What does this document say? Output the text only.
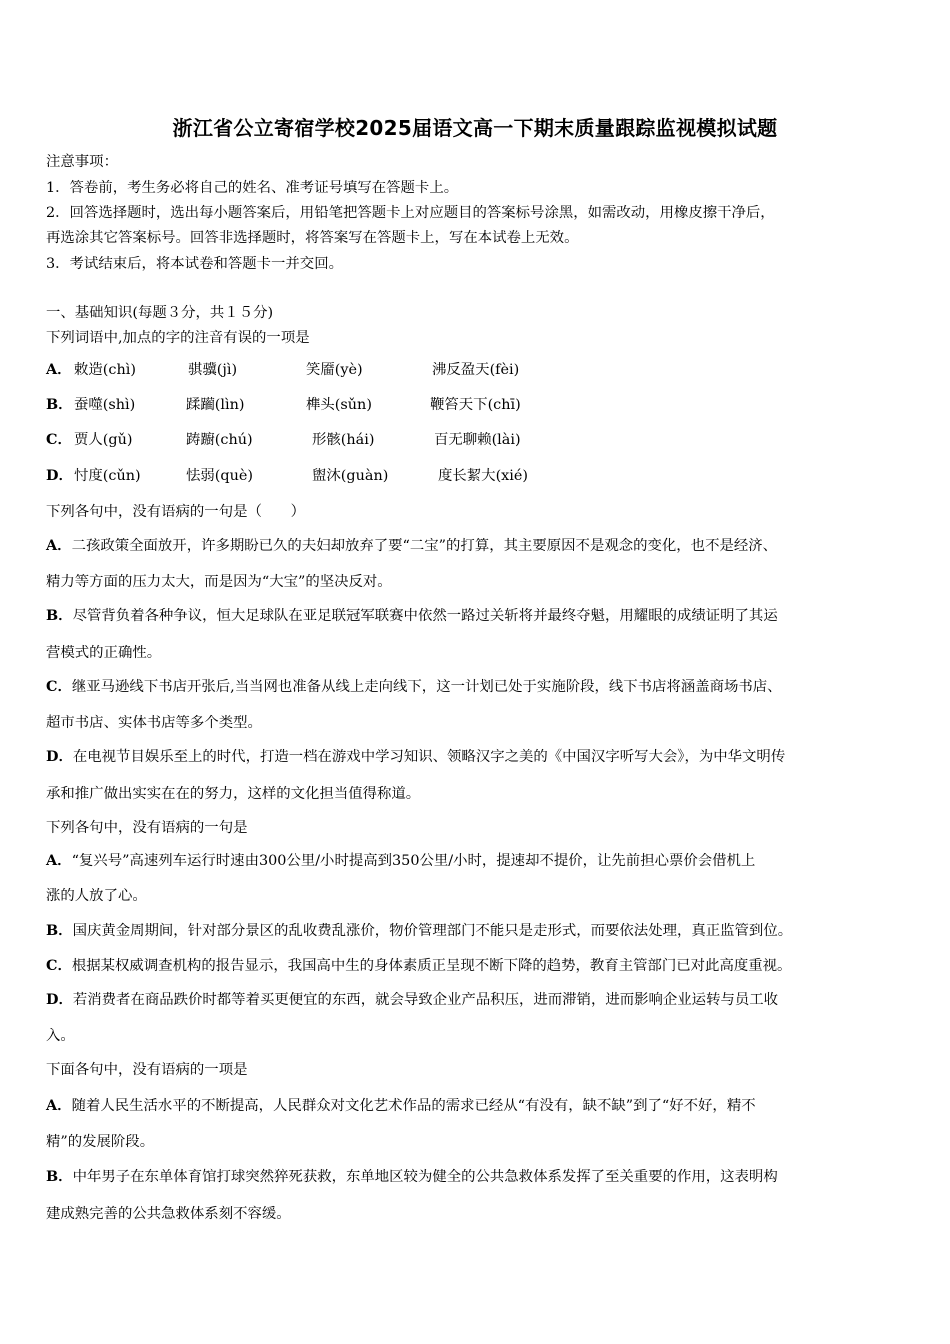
浙江省公立寄宿学校2025届语文高一下期末质量跟踪监视模拟试题
注意事项：
1．答卷前，考生务必将自己的姓名、准考证号填写在答题卡上。
2．回答选择题时，选出每小题答案后，用铅笔把答题卡上对应题目的答案标号涂黑，如需改动，用橡皮擦干净后，
再选涂其它答案标号。回答非选择题时，将答案写在答题卡上，写在本试卷上无效。
3．考试结束后，将本试卷和答题卡一并交回。
一、基础知识(每题３分，共１５分)
下列词语中,加点的字的注音有误的一项是
A． 敕造(chì)	骐骥(jì)	笑靥(yè)	沸反盈天(fèi)
B． 蚕噬(shì)	蹂躏(lìn)	榫头(sǔn)	鞭笞天下(chī)
C． 贾人(gǔ)	踌躕(chú)	形骸(hái)	百无聊赖(lài)
D． 忖度(cǔn)	怯弱(què)	盥沐(guàn)	度长絜大(xié)
下列各句中，没有语病的一句是（　　）
A．二孩政策全面放开，许多期盼已久的夫妇却放弃了要“二宝”的打算，其主要原因不是观念的变化，也不是经济、
精力等方面的压力太大，而是因为“大宝”的坚决反对。
B．尽管背负着各种争议，恒大足球队在亚足联冠军联赛中依然一路过关斩将并最终夺魁，用耀眼的成绩证明了其运
营模式的正确性。
C．继亚马逊线下书店开张后,当当网也准备从线上走向线下，这一计划已处于实施阶段，线下书店将涵盖商场书店、
超市书店、实体书店等多个类型。
D．在电视节目娱乐至上的时代，打造一档在游戏中学习知识、领略汉字之美的《中国汉字听写大会》，为中华文明传
承和推广做出实实在在的努力，这样的文化担当值得称道。
下列各句中，没有语病的一句是
A．“复兴号”高速列车运行时速由300公里/小时提高到350公里/小时，提速却不提价，让先前担心票价会借机上
涨的人放了心。
B．国庆黄金周期间，针对部分景区的乱收费乱涨价，物价管理部门不能只是走形式，而要依法处理，真正监管到位。
C．根据某权威调查机构的报告显示，我国高中生的身体素质正呈现不断下降的趋势，教育主管部门已对此高度重视。
D．若消费者在商品跌价时都等着买更便宜的东西，就会导致企业产品积压，进而滞销，进而影响企业运转与员工收
入。
下面各句中，没有语病的一项是
A．随着人民生活水平的不断提高，人民群众对文化艺术作品的需求已经从“有没有，缺不缺”到了“好不好，精不
精”的发展阶段。
B．中年男子在东单体育馆打球突然猝死获救，东单地区较为健全的公共急救体系发挥了至关重要的作用，这表明构
建成熟完善的公共急救体系刻不容缓。
